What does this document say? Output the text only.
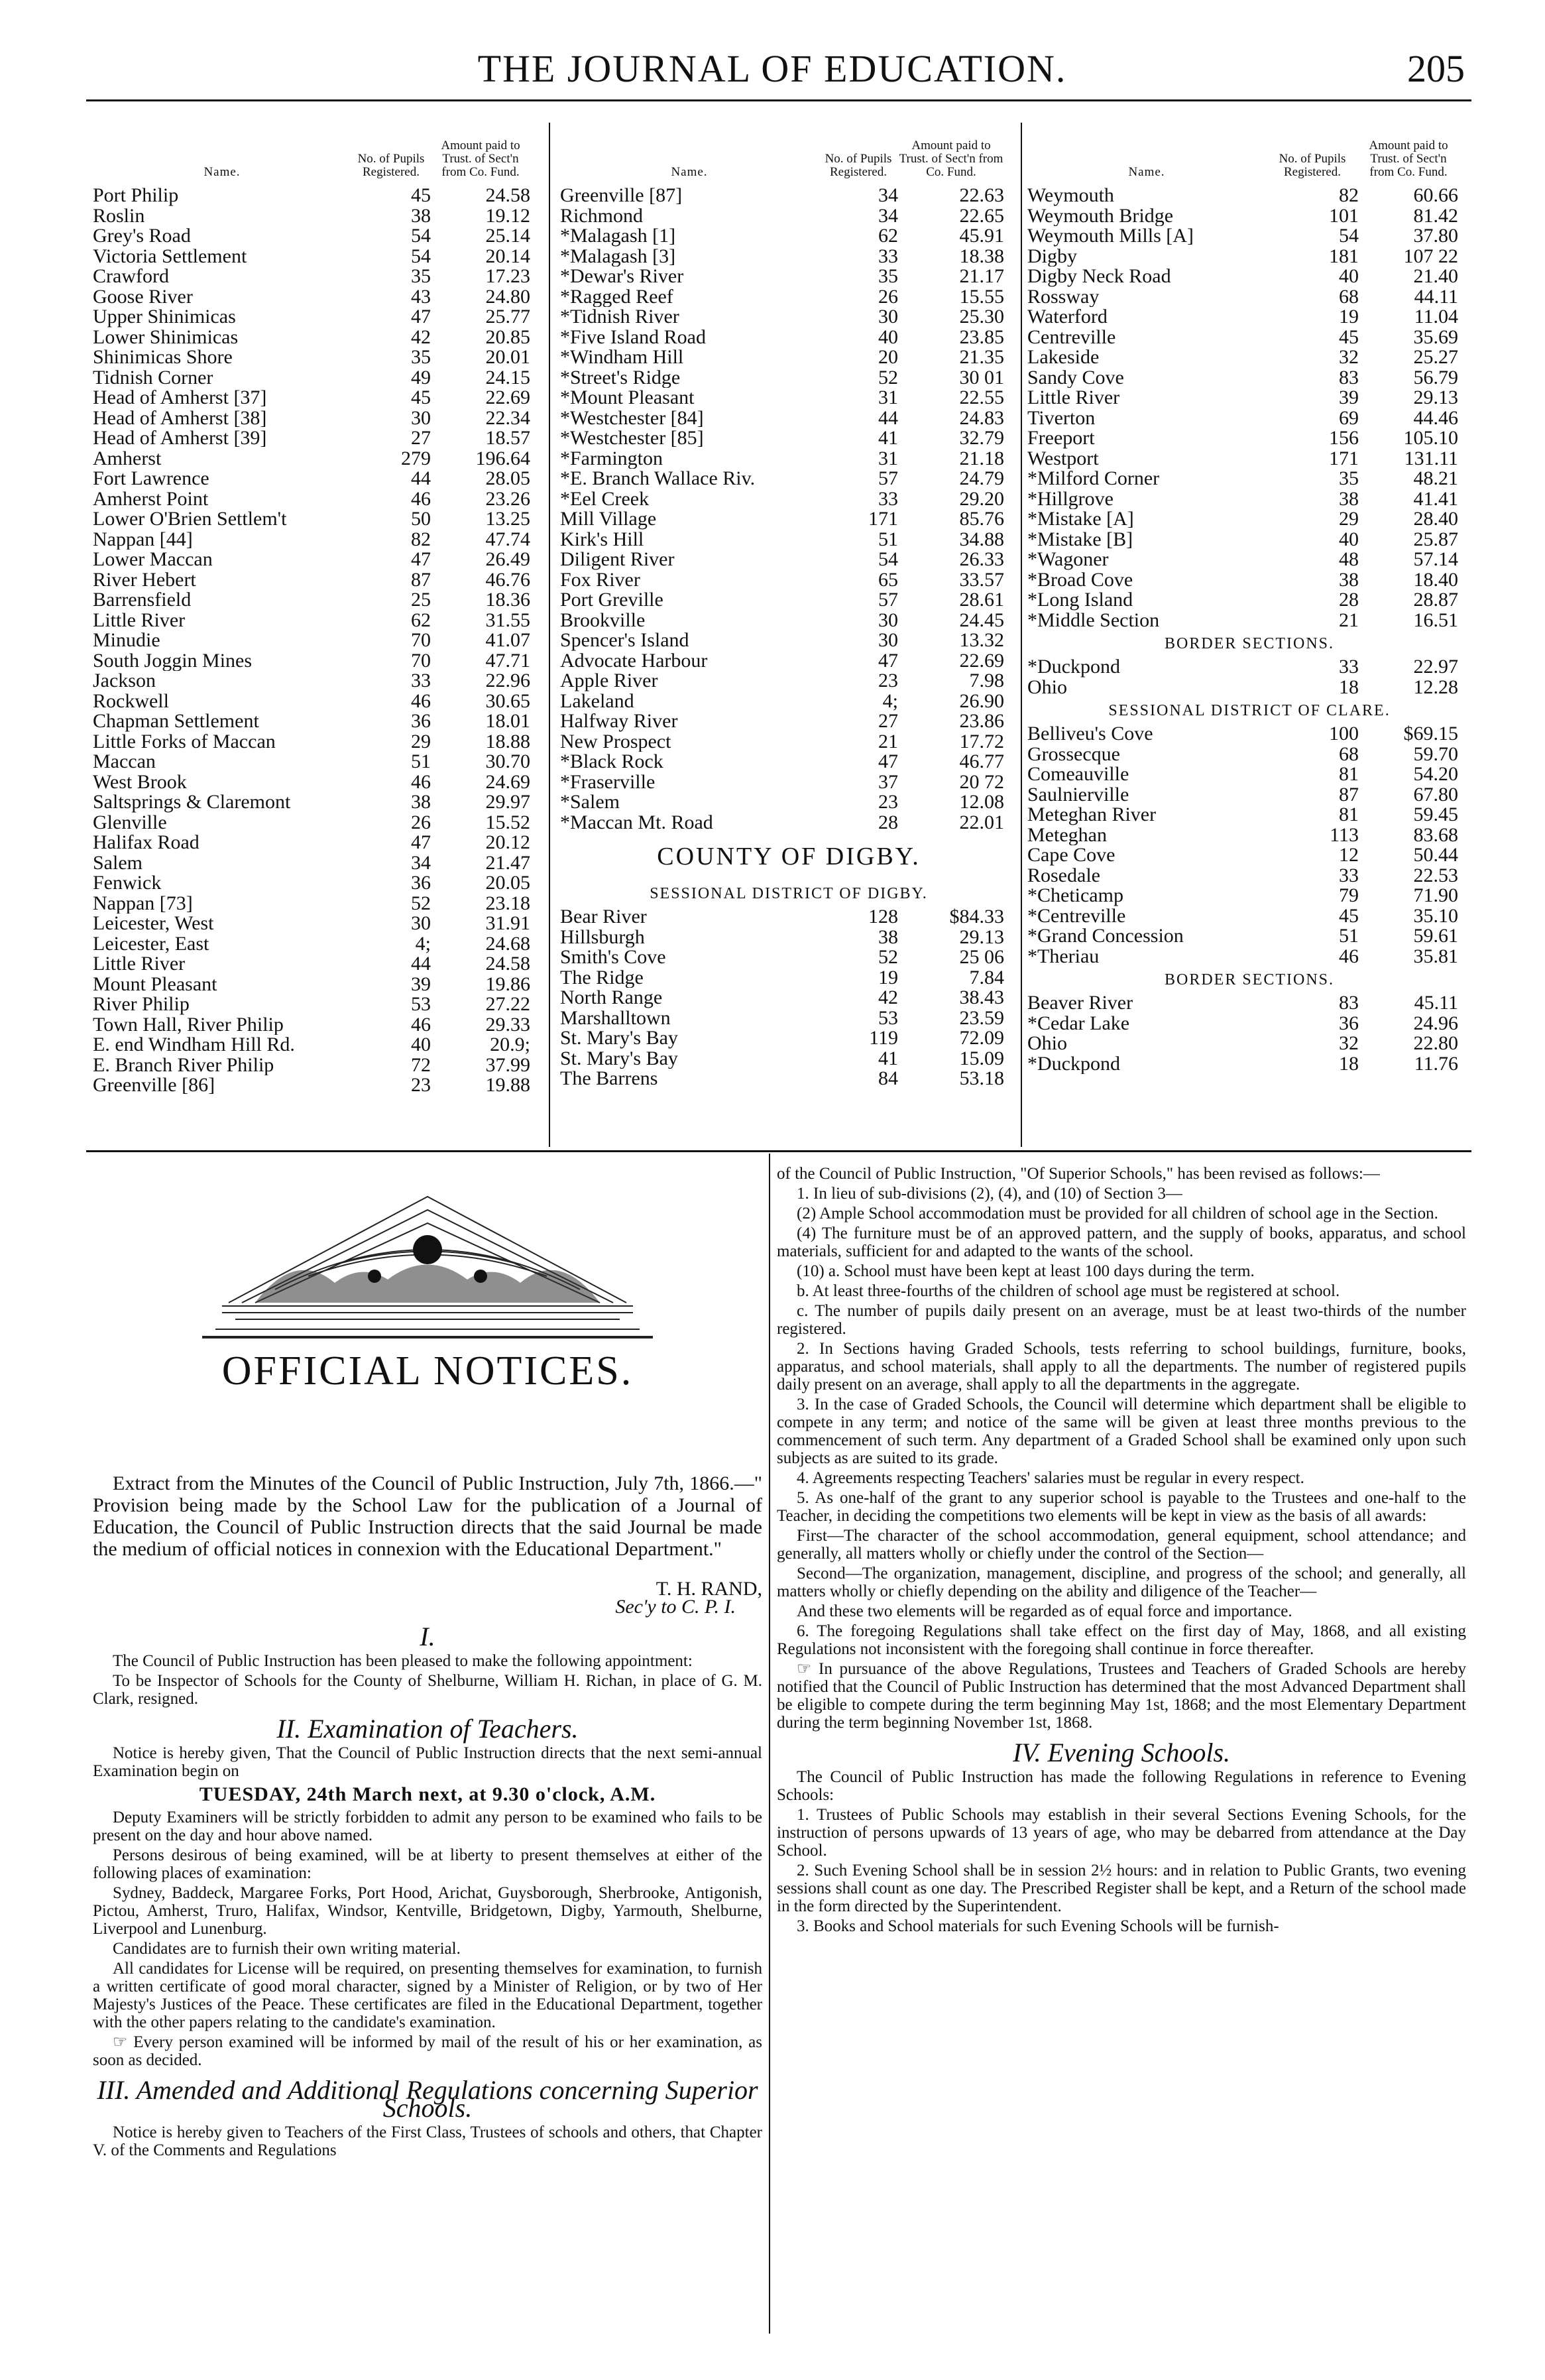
THE JOURNAL OF EDUCATION.	205
Name.
No. of Pupils Registered.
Amount paid to Trust. of Sect'n from Co. Fund.
Port Philip	45	24.58
Roslin	38	19.12
Grey's Road	54	25.14
Victoria Settlement	54	20.14
Crawford	35	17.23
Goose River	43	24.80
Upper Shin​imicas	47	25.77
Lower Shinimicas	42	20.85
Shinimicas Shore	35	20.01
Tidnish Corner	49	24.15
Head of Amherst [37]	45	22.69
Head of Amherst [38]	30	22.34
Head of Amherst [39]	27	18.57
Amherst	279	196.64
Fort Lawrence	44	28.05
Amherst Point	46	23.26
Lower O'Brien Settlem't	50	13.25
Nappan [44]	82	47.74
Lower Maccan	47	26.49
River Hebert	87	46.76
Barrensfield	25	18.36
Little River	62	31.55
Minudie	70	41.07
South Joggin Mines	70	47.71
Jackson	33	22.96
Rockwell	46	30.65
Chapman Settlement	36	18.01
Little Forks of Maccan	29	18.88
Maccan	51	30.70
West Brook	46	24.69
Saltsprings & Claremont	38	29.97
Glenville	26	15.52
Halifax Road	47	20.12
Salem	34	21.47
Fenwick	36	20.05
Nappan [73]	52	23.18
Leicester, West	30	31.91
Leicester, East	4;	24.68
Little River	44	24.58
Mount Pleasant	39	19.86
River Philip	53	27.22
Town Hall, River Philip	46	29.33
E. end Windham Hill Rd.	40	20.9;
E. Branch River Philip	72	37.99
Greenville [86]	23	19.88
Name.
No. of Pupils Registered.
Amount paid to Trust. of Sect'n from Co. Fund.
Greenville [87]	34	22.63
Richmond	34	22.65
*Malagash [1]	62	45.91
*Malagash [3]	33	18.38
*Dewar's River	35	21.17
*Ragged Reef	26	15.55
*Tidnish River	30	25.30
*Five Island Road	40	23.85
*Windham Hill	20	21.35
*Street's Ridge	52	30 01
*Mount Pleasant	31	22.55
*Westchester [84]	44	24.83
*Westchester [85]	41	32.79
*Farmington	31	21.18
*E. Branch Wallace Riv.	57	24.79
*Eel Creek	33	29.20
Mill Village	171	85.76
Kirk's Hill	51	34.88
Diligent River	54	26.33
Fox River	65	33.57
Port Greville	57	28.61
Brookville	30	24.45
Spencer's Island	30	13.32
Advocate Harbour	47	22.69
Apple River	23	7.98
Lakeland	4;	26.90
Halfway River	27	23.86
New Prospect	21	17.72
*Black Rock	47	46.77
*Fraserville	37	20 72
*Salem	23	12.08
*Maccan Mt. Road	28	22.01
COUNTY OF DIGBY.
SESSIONAL DISTRICT OF DIGBY.
Bear River	128	$84.33
Hillsburgh	38	29.13
Smith's Cove	52	25 06
The Ridge	19	7.84
North Range	42	38.43
Marshalltown	53	23.59
St. Mary's Bay	119	72.09
St. Mary's Bay	41	15.09
The Barrens	84	53.18
Name.
No. of Pupils Registered.
Amount paid to Trust. of Sect'n from Co. Fund.
Weymouth	82	60.66
Weymouth Bridge	101	81.42
Weymouth Mills [A]	54	37.80
Digby	181	107 22
Digby Neck Road	40	21.40
Rossway	68	44.11
Waterford	19	11.04
Centreville	45	35.69
Lakeside	32	25.27
Sandy Cove	83	56.79
Little River	39	29.13
Tiverton	69	44.46
Freeport	156	105.10
Westport	171	13​1.11
*Milford Corner	35	48.21
*Hillgrove	38	41.41
*Mistake [A]	29	28.40
*Mistake [B]	40	25.87
*Wagoner	48	57.14
*Broad Cove	38	18.40
*Long Island	28	28.87
*Middle Section	21	16.51
BORDER SECTIONS.
*Duckpond	33	22.97
Ohio	18	12.28
SESSIONAL DISTRICT OF CLARE.
Belliveu's Cove	100	$69.15
Grossec​que	68	59.70
Comeauville	81	54.20
Saulnierville	87	67.80
Meteghan River	81	59.45
Meteghan	113	83.68
Cape Cove	12	50.44
Rosedale	33	22.53
*Cheticamp	79	71.90
*Centreville	45	35.10
*Grand Concession	51	59.61
*Theriau	46	35.81
BORDER SECTIONS.
Beaver River	83	45.11
*Cedar Lake	36	24.96
Ohio	32	22.80
*Duckpond	18	11.76
OFFICIAL NOTICES.

Extract from the Minutes of the Council of Public Instruction, July 7th, 1866.—" Provision being made by the School Law for the publication of a Journal of Education, the Council of Public Instruction directs that the said Journal be made the medium of official notices in connexion with the Educational Department."

T. H. RAND,
Sec'y to C. P. I.
I.

The Council of Public Instruction has been pleased to make the following appointment:

To be Inspector of Schools for the County of Shelburne, William H. Richan, in place of G. M. Clark, resigned.

II. Examination of Teachers.

Notice is hereby given, That the Council of Public Instruction directs that the next semi-annual Examination begin on

TUESDAY, 24th March next, at 9.30 o'clock, A.M.

Deputy Examiners will be strictly forbidden to admit any person to be examined who fails to be present on the day and hour above named.

Persons desirous of being examined, will be at liberty to present themselves at either of the following places of examination:

Sydney, Baddeck, Margaree Forks, Port Hood, Arichat, Guysborough, Sherbrooke, Antigonish, Pictou, Amherst, Truro, Halifax, Windsor, Kentville, Bridgetown, Digby, Yarmouth, Shelburne, Liverpool and Lunenburg.

Candidates are to furnish their own writing material.

All candidates for License will be required, on presenting themselves for examination, to furnish a written certificate of good moral character, signed by a Minister of Religion, or by two of Her Majesty's Justices of the Peace. These certificates are filed in the Educational Department, together with the other papers relating to the candidate's examination.

☞ Every person examined will be informed by mail of the result of his or her examination, as soon as decided.

III. Amended and Additional Regulations concerning Superior Schools.

Notice is hereby given to Teachers of the First Class, Trustees of schools and others, that Chapter V. of the Comments and Regulations

of the Council of Public Instruction, "Of Superior Schools," has been revised as follows:—

1. In lieu of sub-divisions (2), (4), and (10) of Section 3—

(2) Ample School accommodation must be provided for all children of school age in the Section.

(4) The furniture must be of an approved pattern, and the supply of books, apparatus, and school materials, sufficient for and adapted to the wants of the school.

(10) a. School must have been kept at least 100 days during the term.

b. At least three-fourths of the children of school age must be registered at school.

c. The number of pupils daily present on an average, must be at least two-thirds of the number registered.

2. In Sections having Graded Schools, tests referring to school buildings, furniture, books, apparatus, and school materials, shall apply to all the departments. The number of registered pupils daily present on an average, shall apply to all the departments in the aggregate.

3. In the case of Graded Schools, the Council will determine which department shall be eligible to compete in any term; and notice of the same will be given at least three months previous to the commencement of such term. Any department of a Graded School shall be examined only upon such subjects as are suited to its grade.

4. Agreements respecting Teachers' salaries must be regular in every respect.

5. As one-half of the grant to any superior school is payable to the Trustees and one-half to the Teacher, in deciding the competitions two elements will be kept in view as the basis of all awards:

First—The character of the school accommodation, general equipment, school attendance; and generally, all matters wholly or chiefly under the control of the Section—

Second—The organization, management, discipline, and progress of the school; and generally, all matters wholly or chiefly depending on the ability and diligence of the Teacher—

And these two elements will be regarded as of equal force and importance.

6. The foregoing Regulations shall take effect on the first day of May, 1868, and all existing Regulations not inconsistent with the foregoing shall continue in force thereafter.

☞ In pursuance of the above Regulations, Trustees and Teachers of Graded Schools are hereby notified that the Council of Public Instruction has determined that the most Advanced Department shall be eligible to compete during the term beginning May 1st, 1868; and the most Elementary Department during the term beginning November 1st, 1868.

IV. Evening Schools.

The Council of Public Instruction has made the following Regulations in reference to Evening Schools:

1. Trustees of Public Schools may establish in their several Sections Evening Schools, for the instruction of persons upwards of 13 years of age, who may be debarred from attendance at the Day School.

2. Such Evening School shall be in session 2½ hours: and in relation to Public Grants, two evening sessions shall count as one day. The Prescribed Register shall be kept, and a Return of the school made in the form directed by the Superintendent.

3. Books and School materials for such Evening Schools will be furnish-
